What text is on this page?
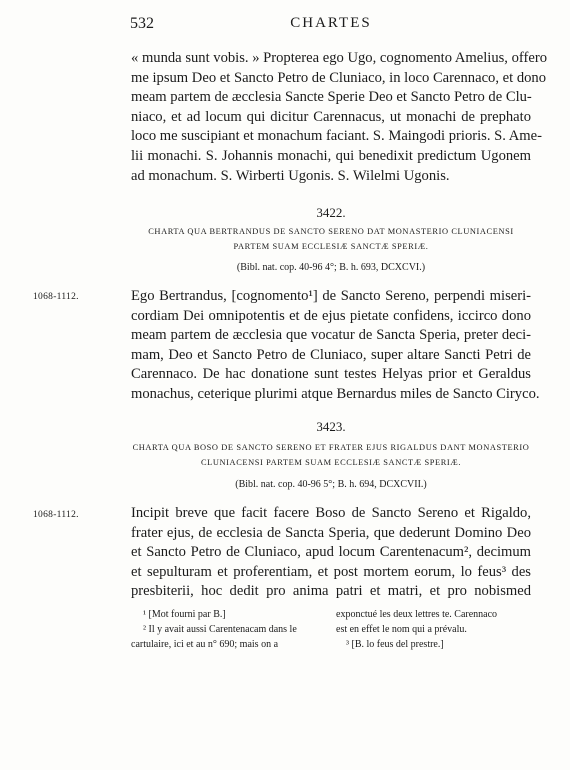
532	CHARTES
« munda sunt vobis. » Propterea ego Ugo, cognomento Amelius, offero
me ipsum Deo et Sancto Petro de Cluniaco, in loco Carennaco, et dono
meam partem de æcclesia Sancte Sperie Deo et Sancto Petro de Clu-
niaco, et ad locum qui dicitur Carennacus, ut monachi de prephato
loco me suscipiant et monachum faciant. S. Maingodi prioris. S. Ame-
lii monachi. S. Johannis monachi, qui benedixit predictum Ugonem
ad monachum. S. Wirberti Ugonis. S. Wilelmi Ugonis.
3422.
CHARTA QUA BERTRANDUS DE SANCTO SERENO DAT MONASTERIO CLUNIACENSI
PARTEM SUAM ECCLESIÆ SANCTÆ SPERIÆ.
(Bibl. nat. cop. 40-96 4°; B. h. 693, DCXCVI.)
1068-1112.	Ego Bertrandus, [cognomento¹] de Sancto Sereno, perpendi miseri-
cordiam Dei omnipotentis et de ejus pietate confidens, iccirco dono
meam partem de æcclesia que vocatur de Sancta Speria, preter deci-
mam, Deo et Sancto Petro de Cluniaco, super altare Sancti Petri de
Carennaco. De hac donatione sunt testes Helyas prior et Geraldus
monachus, ceterique plurimi atque Bernardus miles de Sancto Ciryco.
3423.
CHARTA QUA BOSO DE SANCTO SERENO ET FRATER EJUS RIGALDUS DANT MONASTERIO
CLUNIACENSI PARTEM SUAM ECCLESIÆ SANCTÆ SPERIÆ.
(Bibl. nat. cop. 40-96 5°; B. h. 694, DCXCVII.)
1068-1112.	Incipit breve que facit facere Boso de Sancto Sereno et Rigaldo,
frater ejus, de ecclesia de Sancta Speria, que dederunt Domino Deo
et Sancto Petro de Cluniaco, apud locum Carentenacum², decimum
et sepulturam et proferentiam, et post mortem eorum, lo feus³ des
presbiterii, hoc dedit pro anima patri et matri, et pro nobismed
¹ [Mot fourni par B.]
² Il y avait aussi Carentenacam dans le
cartulaire, ici et au n° 690; mais on a
exponctué les deux lettres te. Carennaco
est en effet le nom qui a prévalu.
³ [B. lo feus del prestre.]
